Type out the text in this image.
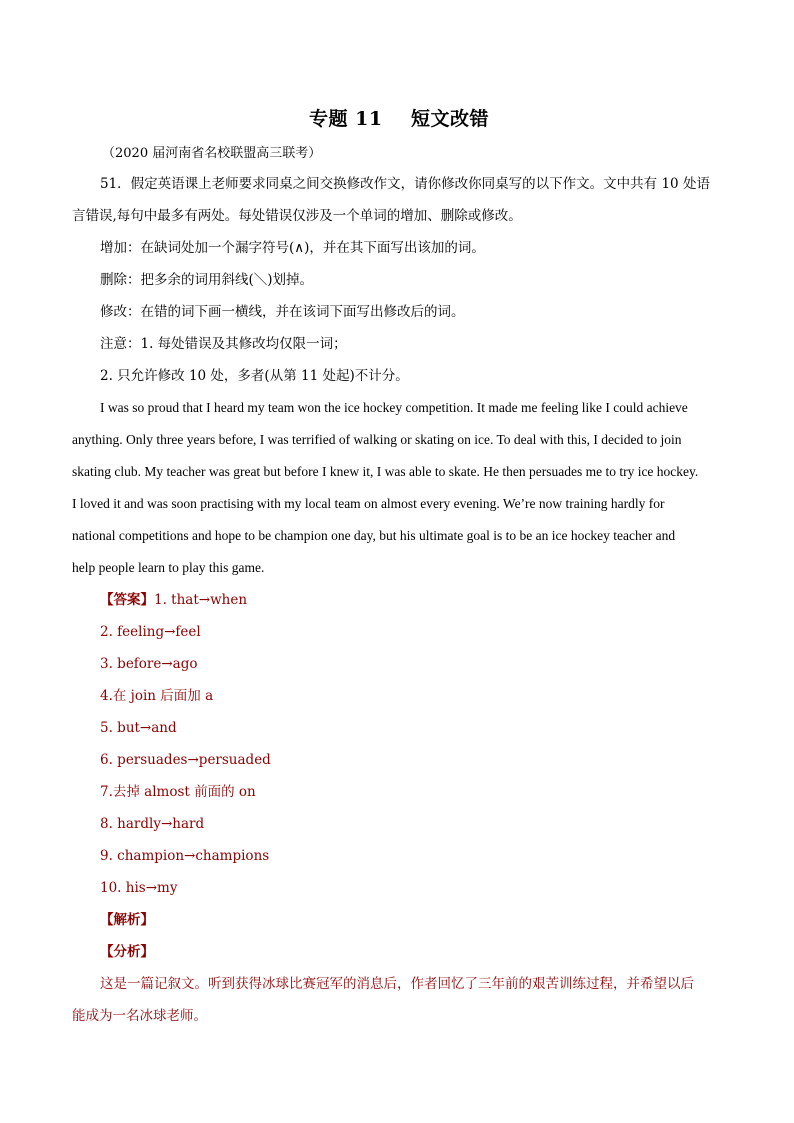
专题 11    短文改错
（2020 届河南省名校联盟高三联考）
51．假定英语课上老师要求同桌之间交换修改作文，请你修改你同桌写的以下作文。文中共有 10 处语
言错误,每句中最多有两处。每处错误仅涉及一个单词的增加、删除或修改。
增加：在缺词处加一个漏字符号(∧)，并在其下面写出该加的词。
删除：把多余的词用斜线(＼)划掉。
修改：在错的词下画一横线，并在该词下面写出修改后的词。
注意：1. 每处错误及其修改均仅限一词；
2. 只允许修改 10 处，多者(从第 11 处起)不计分。
I was so proud that I heard my team won the ice hockey competition. It made me feeling like I could achieve
anything. Only three years before, I was terrified of walking or skating on ice. To deal with this, I decided to join
skating club. My teacher was great but before I knew it, I was able to skate. He then persuades me to try ice hockey.
I loved it and was soon practising with my local team on almost every evening. We’re now training hardly for
national competitions and hope to be champion one day, but his ultimate goal is to be an ice hockey teacher and
help people learn to play this game.
【答案】1. that→when
2. feeling→feel
3. before→ago
4.在 join 后面加 a
5. but→and
6. persuades→persuaded
7.去掉 almost 前面的 on
8. hardly→hard
9. champion→champions
10. his→my
【解析】
【分析】
这是一篇记叙文。听到获得冰球比赛冠军的消息后，作者回忆了三年前的艰苦训练过程，并希望以后
能成为一名冰球老师。
